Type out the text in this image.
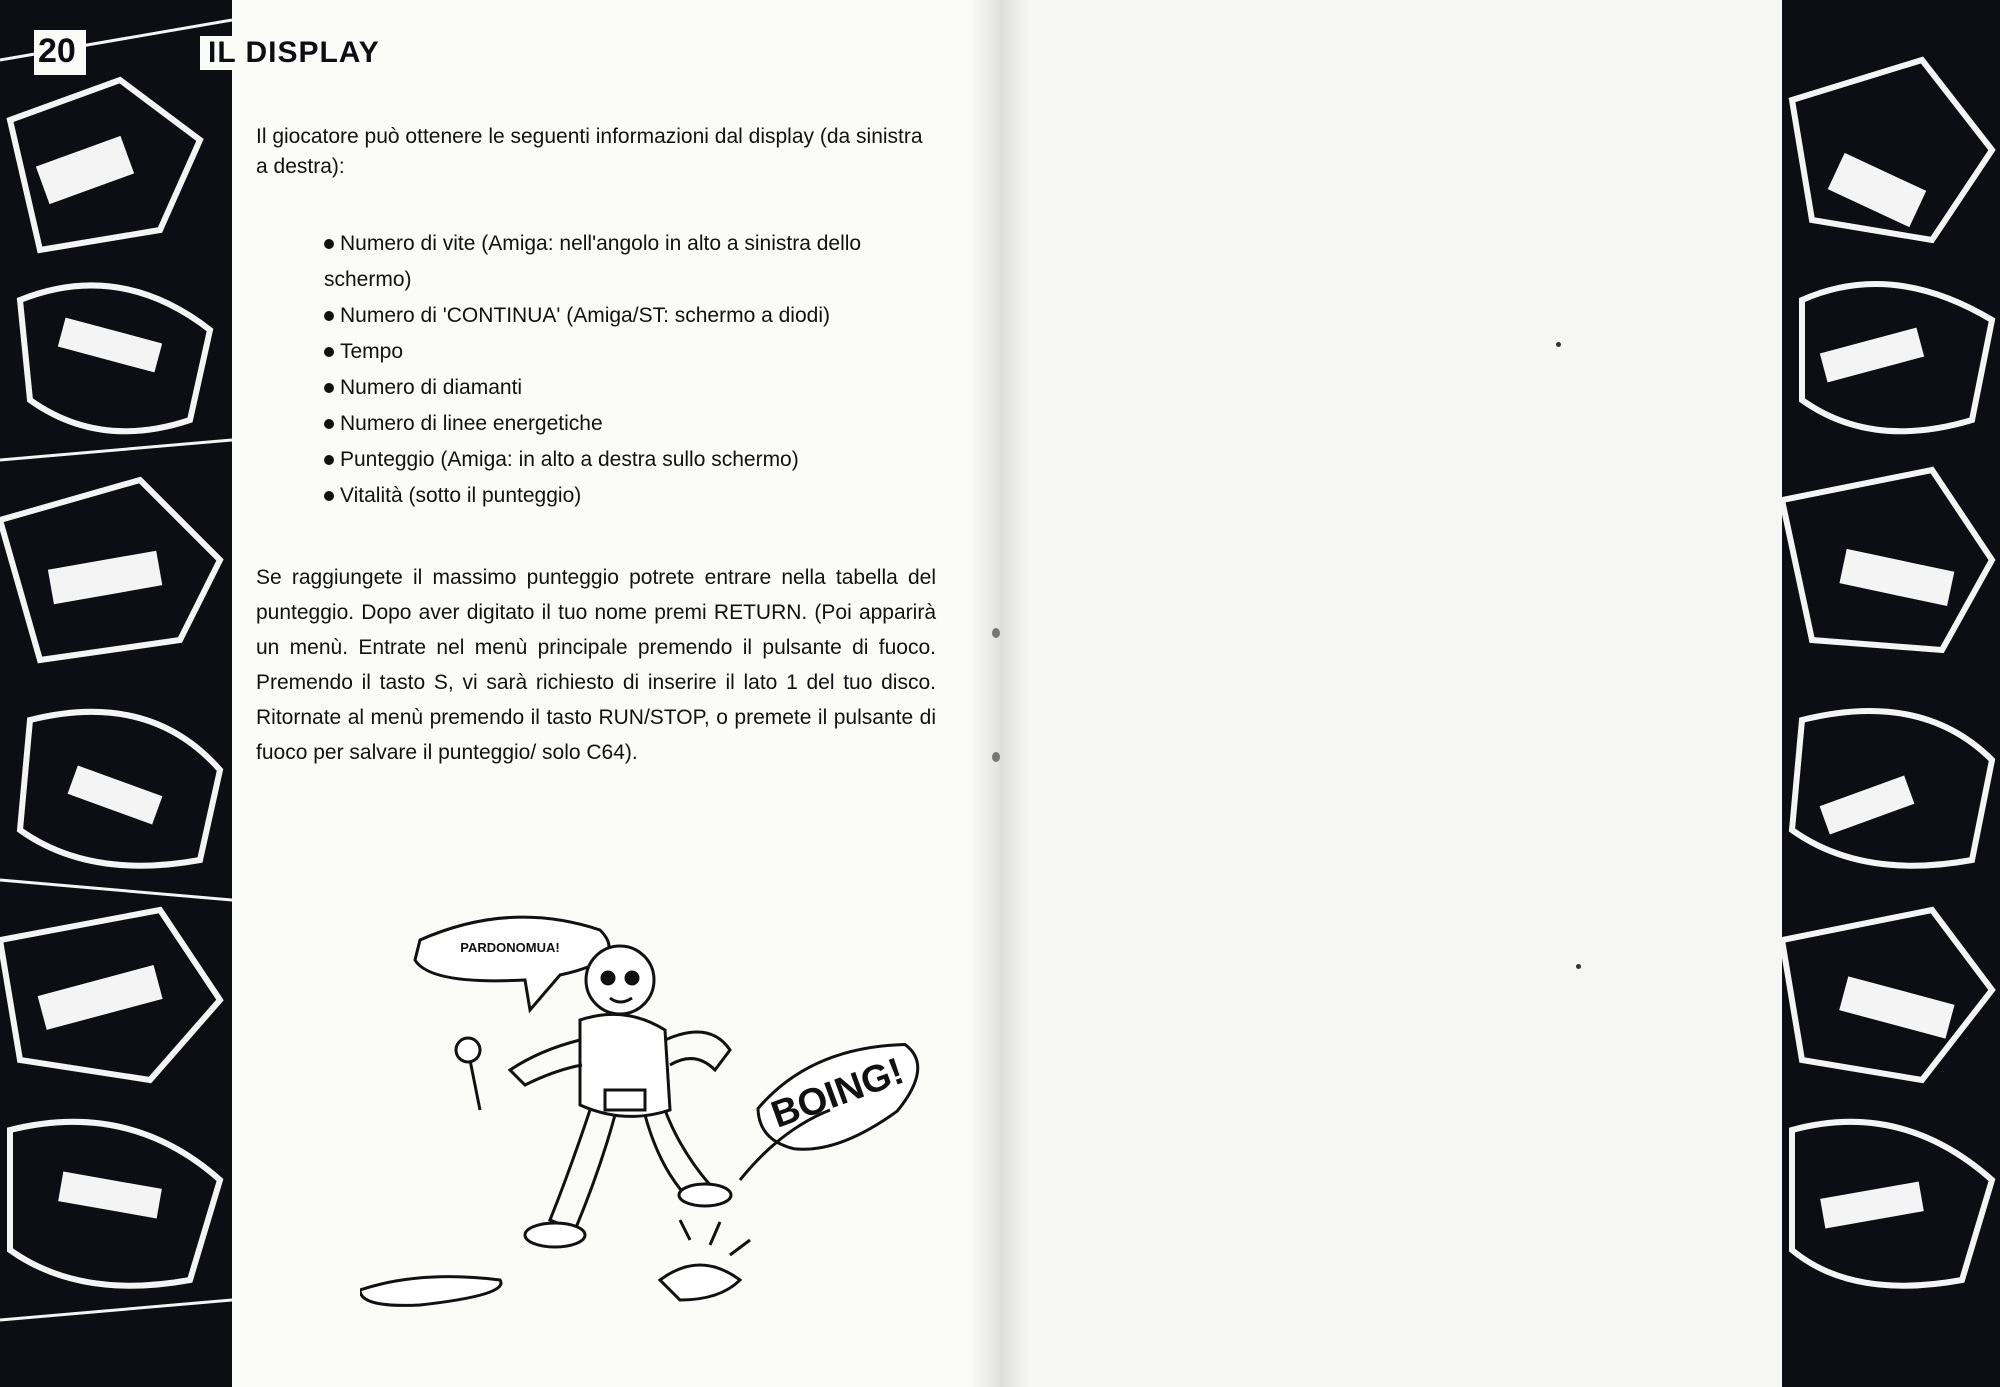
20	IL DISPLAY

Il giocatore può ottenere le seguenti informazioni dal display (da sinistra a destra):

Numero di vite (Amiga: nell'angolo in alto a sinistra dello schermo)
Numero di 'CONTINUA' (Amiga/ST: schermo a diodi)
Tempo
Numero di diamanti
Numero di linee energetiche
Punteggio (Amiga: in alto a destra sullo schermo)
Vitalità (sotto il punteggio)

Se raggiungete il massimo punteggio potrete entrare nella tabella del punteggio. Dopo aver digitato il tuo nome premi RETURN. (Poi apparirà un menù. Entrate nel menù principale premendo il pulsante di fuoco. Premendo il tasto S, vi sarà richiesto di inserire il lato 1 del tuo disco. Ritornate al menù premendo il tasto RUN/STOP, o premete il pulsante di fuoco per salvare il punteggio/ solo C64).

PARDONOMUA!
BOING!
